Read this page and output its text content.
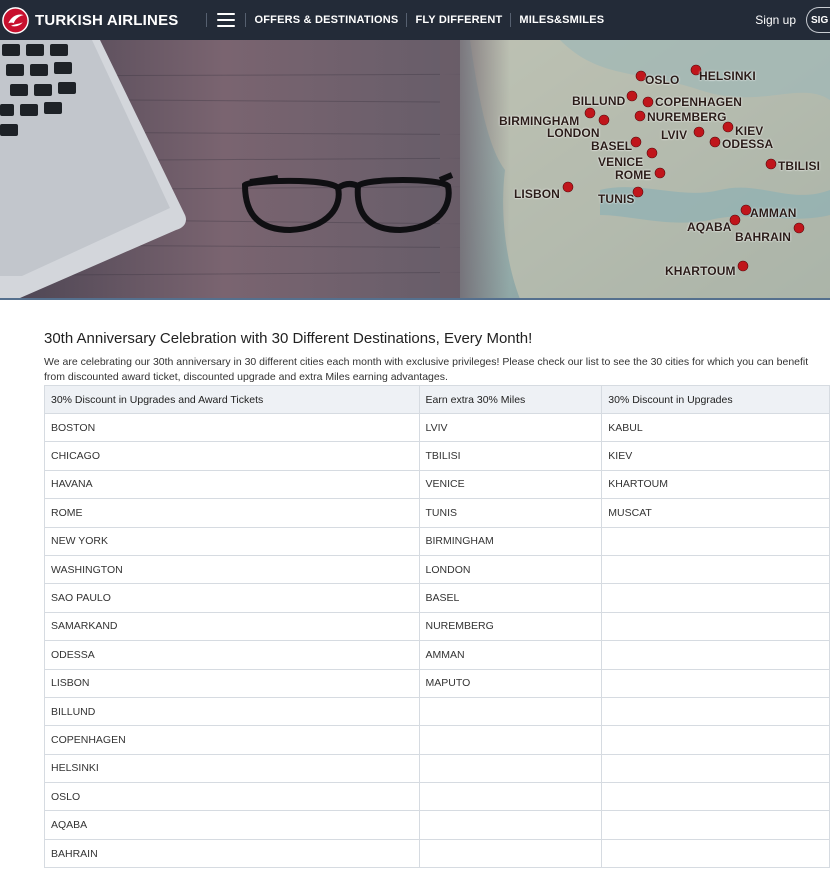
TURKISH AIRLINES	OFFERS & DESTINATIONS	FLY DIFFERENT	MILES&SMILES	Sign up	SIG
OSLO HELSINKI
BILLUND COPENHAGEN
BIRMINGHAM	NUREMBERG
LONDON	KIEV
LVIV
BASEL	ODESSA
VENICE
ROME
TBILISI
LISBON	TUNIS
AMMAN
AQABA
BAHRAIN
KHARTOUM
30th Anniversary Celebration with 30 Different Destinations, Every Month!

We are celebrating our 30th anniversary in 30 different cities each month with exclusive privileges! Please check our list to see the 30 cities for which you can benefit from discounted award ticket, discounted upgrade and extra Miles earning advantages.

30% Discount in Upgrades and Award Tickets	Earn extra 30% Miles	30% Discount in Upgrades
BOSTON	LVIV	KABUL
CHICAGO	TBILISI	KIEV
HAVANA	VENICE	KHARTOUM
ROME	TUNIS	MUSCAT
NEW YORK	BIRMINGHAM	
WASHINGTON	LONDON	
SAO PAULO	BASEL	
SAMARKAND	NUREMBERG	
ODESSA	AMMAN	
LISBON	MAPUTO	
BILLUND		
COPENHAGEN		
HELSINKI		
OSLO		
AQABA		
BAHRAIN		
